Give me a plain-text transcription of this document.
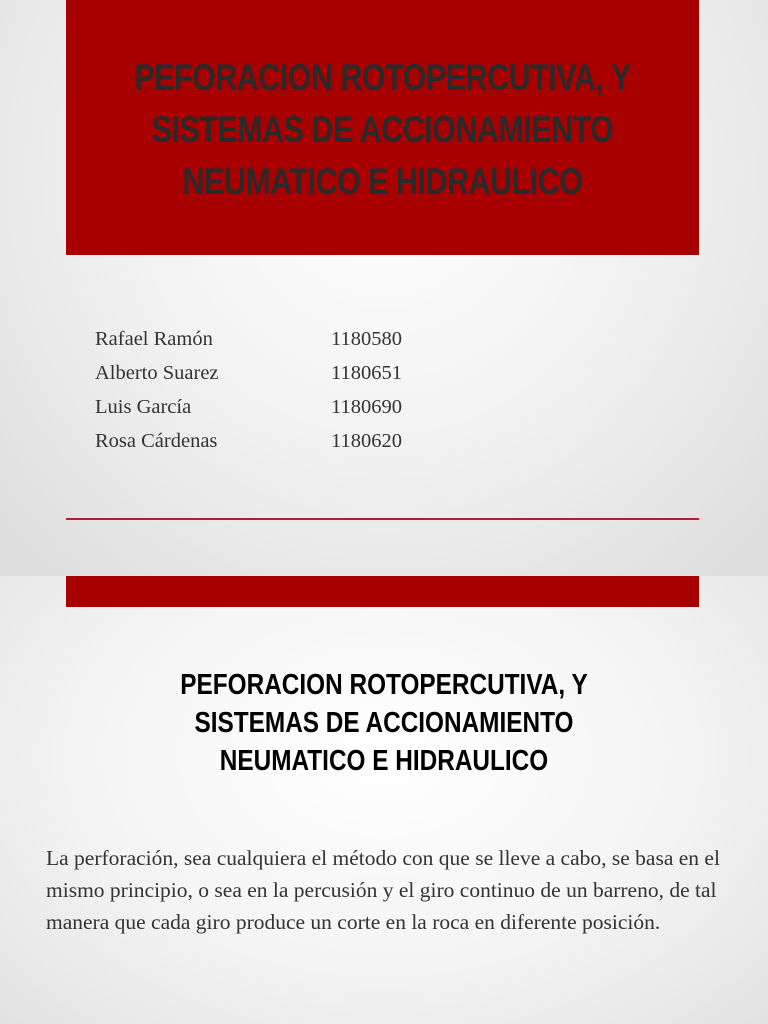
PEFORACION ROTOPERCUTIVA, Y
SISTEMAS DE ACCIONAMIENTO
NEUMATICO E HIDRAULICO
Rafael Ramón	1180580
Alberto Suarez	1180651
Luis García	1180690
Rosa Cárdenas	1180620
PEFORACION ROTOPERCUTIVA, Y
SISTEMAS DE ACCIONAMIENTO
NEUMATICO E HIDRAULICO
La perforación, sea cualquiera el método con que se lleve a cabo, se basa en el mismo principio, o sea en la percusión y el giro continuo de un barreno, de tal manera que cada giro produce un corte en la roca en diferente posición.
